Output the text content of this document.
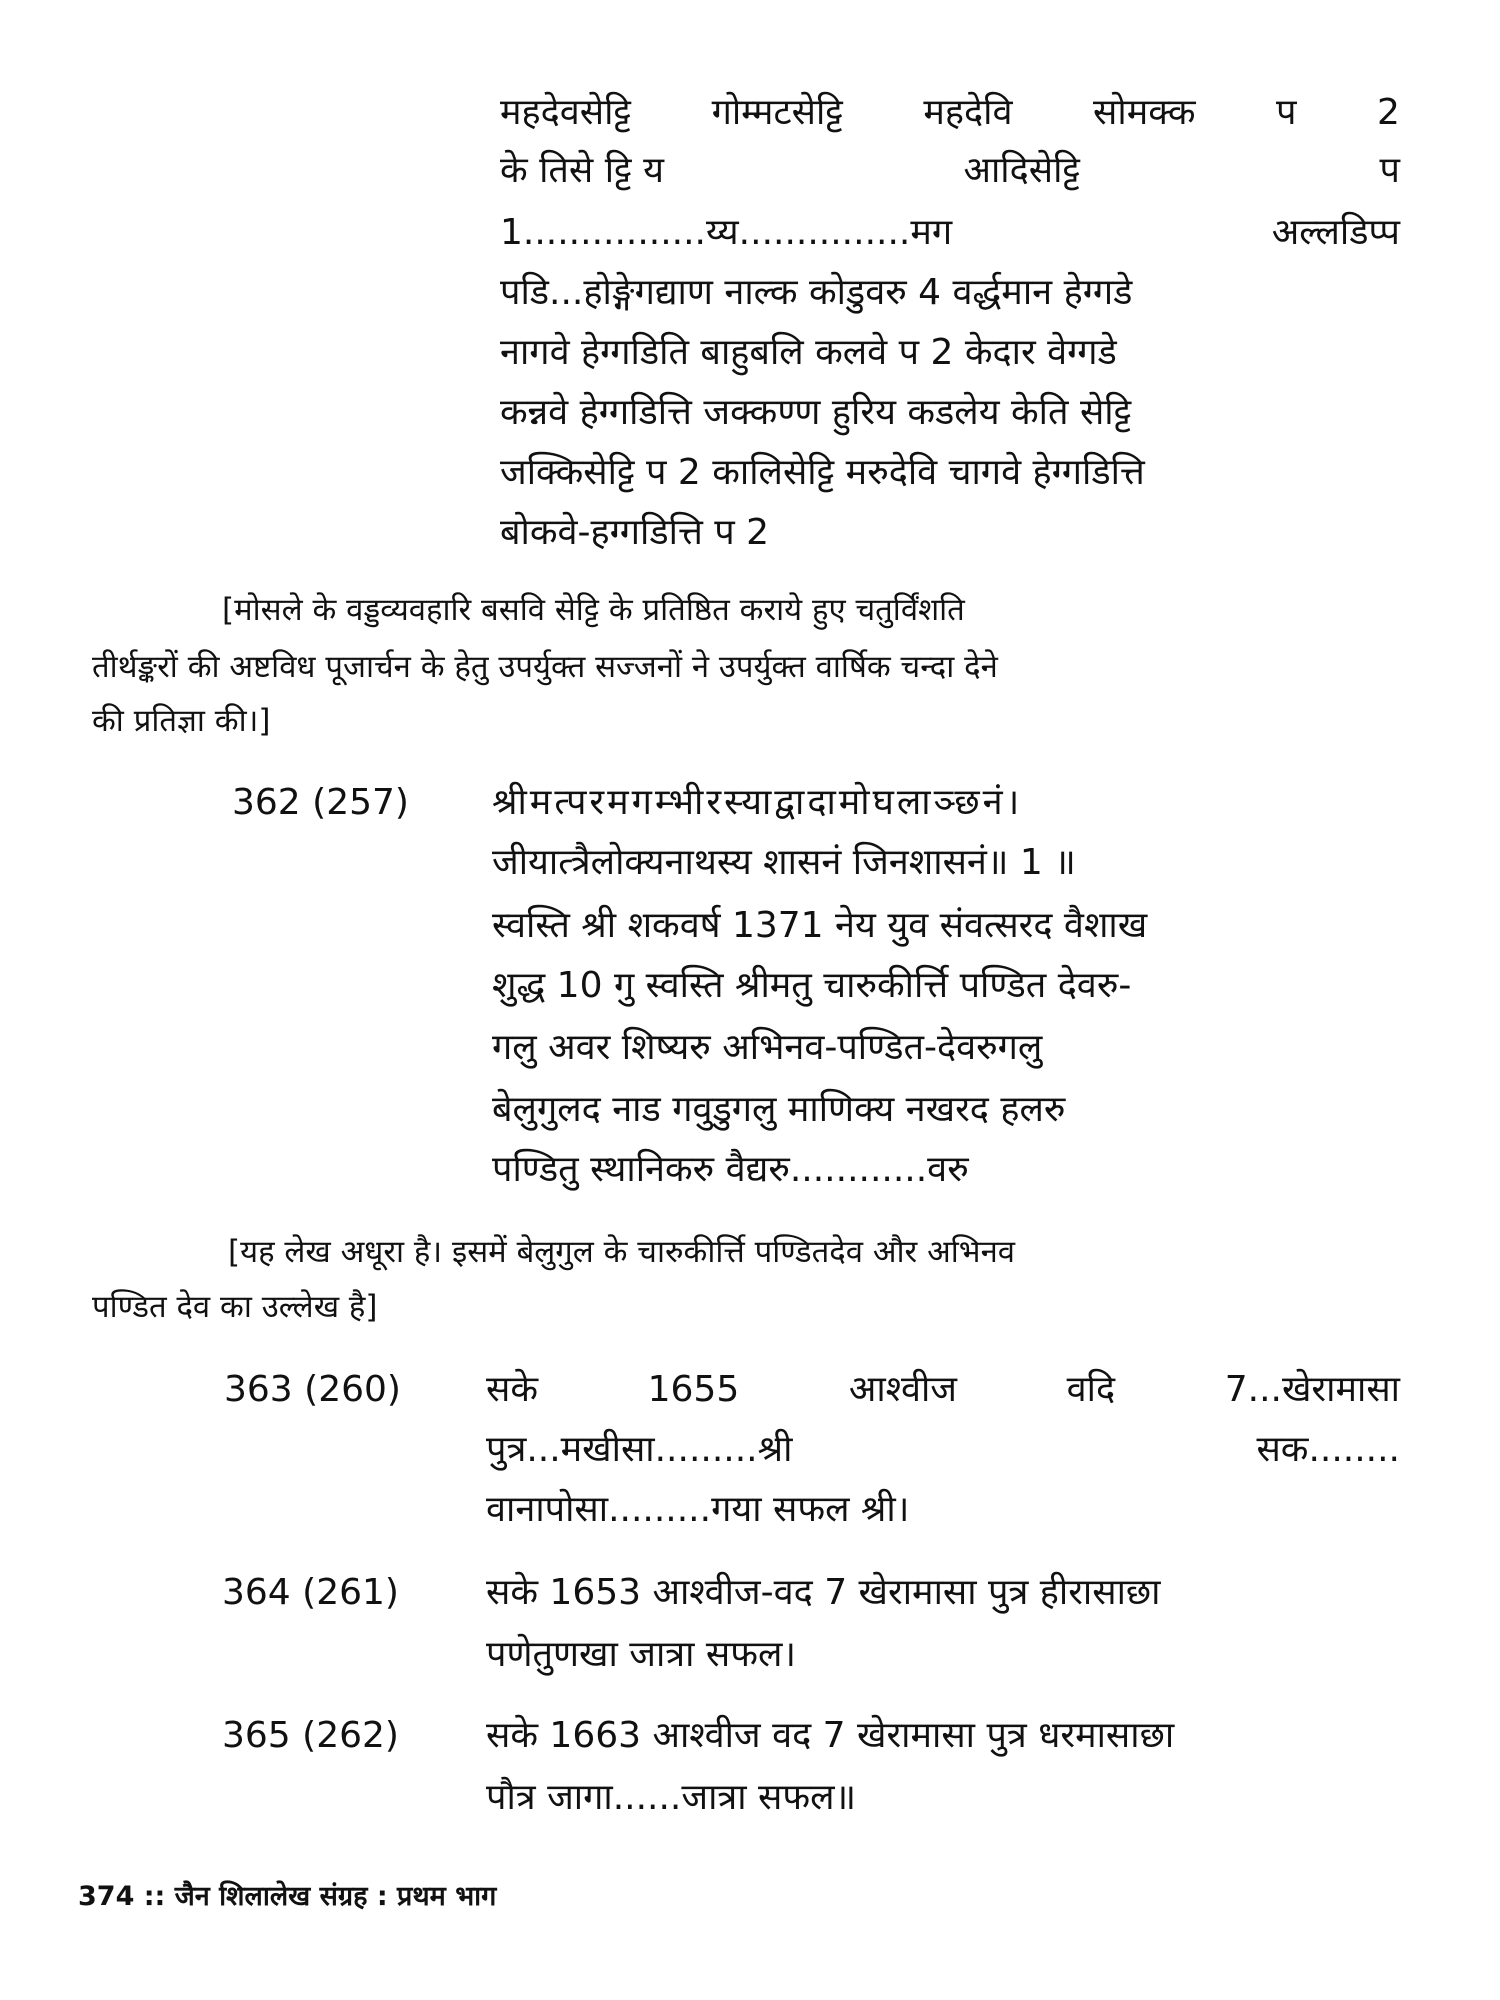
महदेवसेट्टि गोम्मटसेट्टि महदेवि सोमक्क प 2
के तिसे ट्टि य	आदिसेट्टि	प
1................य्य...............मग	अल्लडिप्प
पडि...होङ्गेगद्याण नाल्क कोडुवरु 4 वर्द्धमान हेग्गडे
नागवे हेग्गडिति बाहुबलि कलवे प 2 केदार वेग्गडे
कन्नवे हेग्गडित्ति जक्कण्ण हुरिय कडलेय केति सेट्टि
जक्किसेट्टि प 2 कालिसेट्टि मरुदेवि चागवे हेग्गडित्ति
बोकवे-हग्गडित्ति प 2
[मोसले के वड्डव्यवहारि बसवि सेट्टि के प्रतिष्ठित कराये हुए चतुर्विंशति
तीर्थङ्करों की अष्टविध पूजार्चन के हेतु उपर्युक्त सज्जनों ने उपर्युक्त वार्षिक चन्दा देने
की प्रतिज्ञा की।]
362 (257) श्रीमत्परमगम्भीरस्याद्वादामोघलाञ्छनं।
जीयात्त्रैलोक्यनाथस्य शासनं जिनशासनं॥ 1 ॥
स्वस्ति श्री शकवर्ष 1371 नेय युव संवत्सरद वैशाख
शुद्ध 10 गु स्वस्ति श्रीमतु चारुकीर्त्ति पण्डित देवरु-
गलु अवर शिष्यरु अभिनव-पण्डित-देवरुगलु
बेलुगुलद नाड गवुडुगलु माणिक्य नखरद हलरु
पण्डितु स्थानिकरु वैद्यरु............वरु
[यह लेख अधूरा है। इसमें बेलुगुल के चारुकीर्त्ति पण्डितदेव और अभिनव
पण्डित देव का उल्लेख है]
363 (260) सके	1655	आश्वीज	वदि	7...खेरामासा
पुत्र...मखीसा.........श्री	सक........
वानापोसा.........गया सफल श्री।
364 (261) सके 1653 आश्वीज-वद 7 खेरामासा पुत्र हीरासाछा
पणेतुणखा जात्रा सफल।
365 (262) सके 1663 आश्वीज वद 7 खेरामासा पुत्र धरमासाछा
पौत्र जागा......जात्रा सफल॥
374 :: जैन शिलालेख संग्रह : प्रथम भाग
